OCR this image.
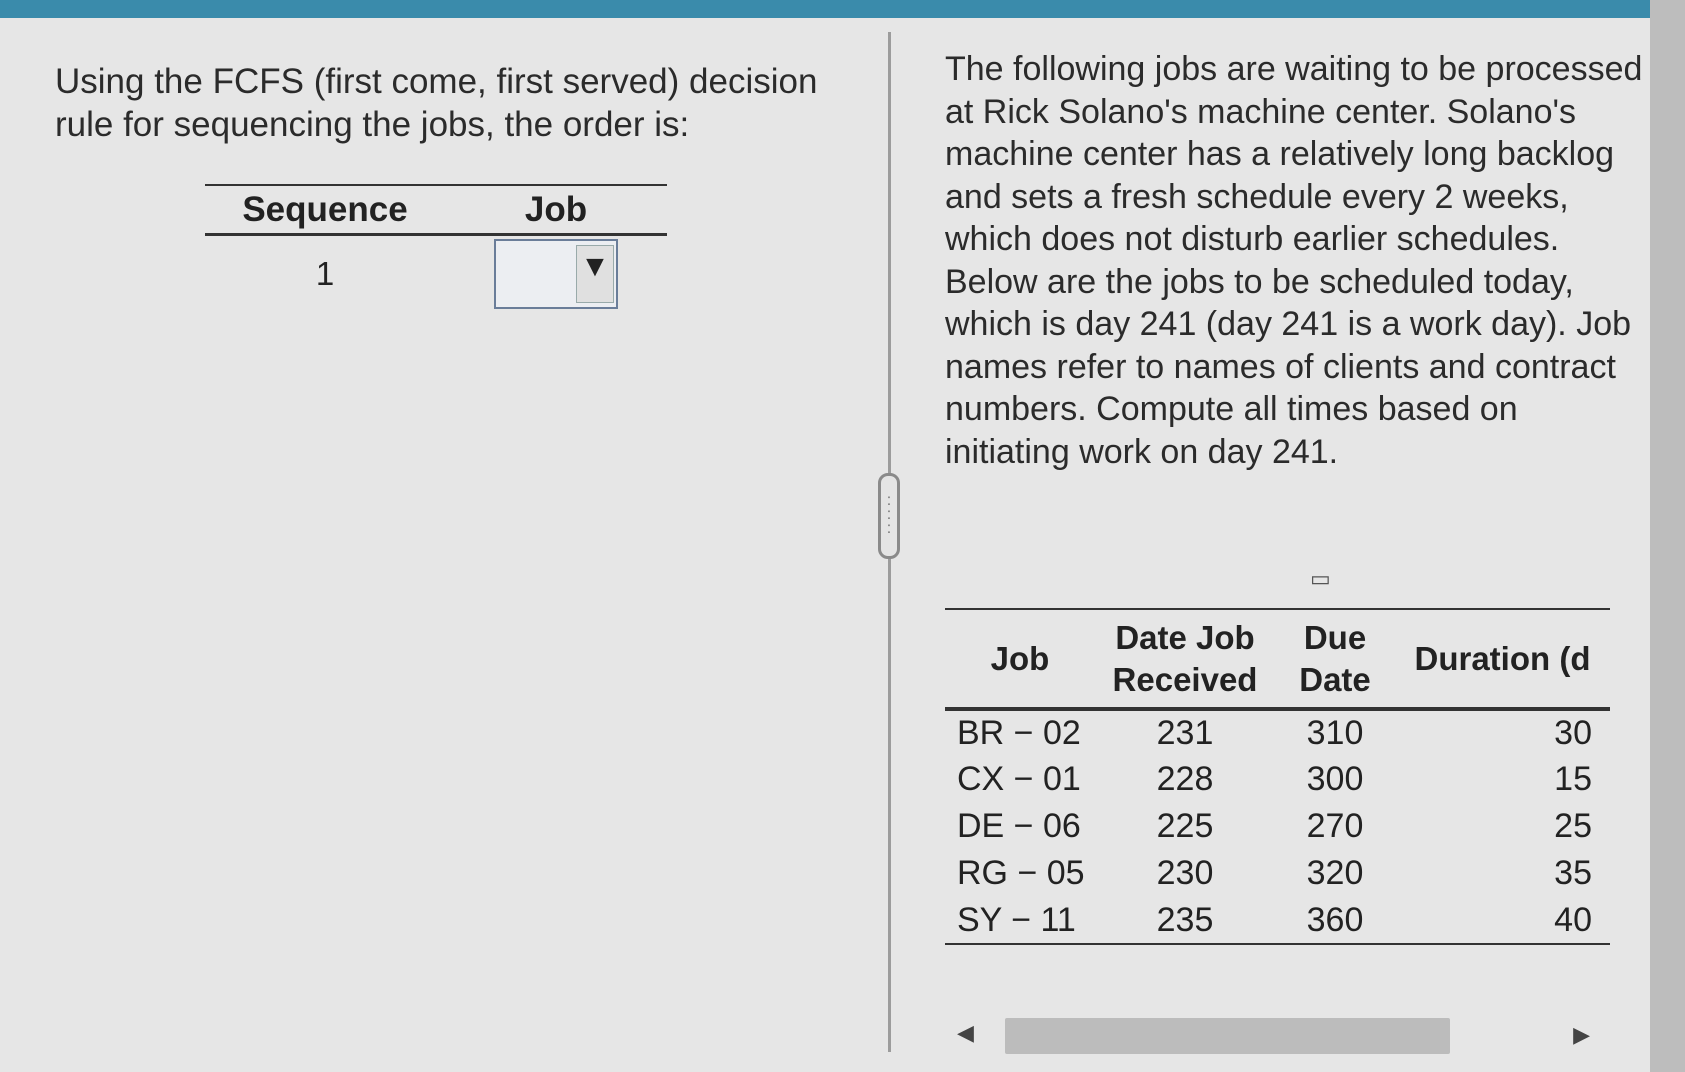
Using the FCFS (first come, first served) decision rule for sequencing the jobs, the order is:

Sequence	Job
1	▼
:
:
:

The following jobs are waiting to be processed at Rick Solano's machine center. Solano's machine center has a relatively long backlog and sets a fresh schedule every 2 weeks, which does not disturb earlier schedules. Below are the jobs to be scheduled today, which is day 241 (day 241 is a work day). Job names refer to names of clients and contract numbers. Compute all times based on initiating work on day 241.

▭
Job	Date Job Received	Due Date	Duration (d
BR − 02	231	310	30
CX − 01	228	300	15
DE − 06	225	270	25
RG − 05	230	320	35
SY − 11	235	360	40
◀	▶
